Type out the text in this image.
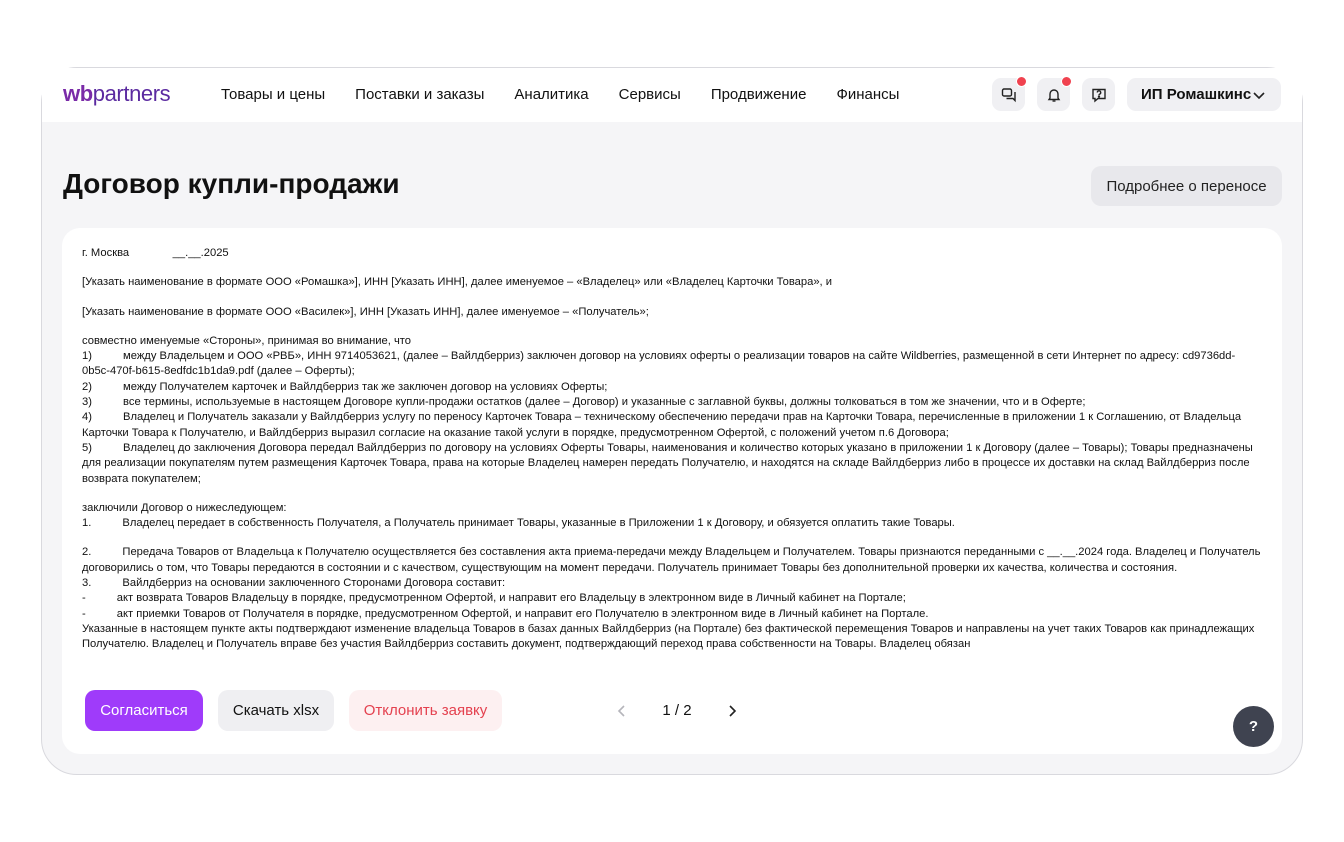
wbpartners	Товары и цены Поставки и заказы Аналитика Сервисы Продвижение Финансы	ИП Ромашкинс
Договор купли-продажи	Подробнее о переносе

г. Москва              __.__.2025

[Указать наименование в формате ООО «Ромашка»], ИНН [Указать ИНН], далее именуемое – «Владелец» или «Владелец Карточки Товара», и

[Указать наименование в формате ООО «Василек»], ИНН [Указать ИНН], далее именуемое – «Получатель»;

совместно именуемые «Стороны», принимая во внимание, что

1)          между Владельцем и ООО «РВБ», ИНН 9714053621, (далее – Вайлдберриз) заключен договор на условиях оферты о реализации товаров на сайте Wildberries, размещенной в сети Интернет по адресу: cd9736dd-0b5c-470f-b615-8edfdc1b1da9.pdf (далее – Оферты);

2)          между Получателем карточек и Вайлдберриз так же заключен договор на условиях Оферты;

3)          все термины, используемые в настоящем Договоре купли-продажи остатков (далее – Договор) и указанные с заглавной буквы, должны толковаться в том же значении, что и в Оферте;

4)          Владелец и Получатель заказали у Вайлдберриз услугу по переносу Карточек Товара – техническому обеспечению передачи прав на Карточки Товара, перечисленные в приложении 1 к Соглашению, от Владельца Карточки Товара к Получателю, и Вайлдберриз выразил согласие на оказание такой услуги в порядке, предусмотренном Офертой, с положений учетом п.6 Договора;

5)          Владелец до заключения Договора передал Вайлдберриз по договору на условиях Оферты Товары, наименования и количество которых указано в приложении 1 к Договору (далее – Товары); Товары предназначены для реализации покупателям путем размещения Карточек Товара, права на которые Владелец намерен передать Получателю, и находятся на складе Вайлдберриз либо в процессе их доставки на склад Вайлдберриз после возврата покупателем;

заключили Договор о нижеследующем:

1.          Владелец передает в собственность Получателя, а Получатель принимает Товары, указанные в Приложении 1 к Договору, и обязуется оплатить такие Товары.

2.          Передача Товаров от Владельца к Получателю осуществляется без составления акта приема-передачи между Владельцем и Получателем. Товары признаются переданными с __.__.2024 года. Владелец и Получатель договорились о том, что Товары передаются в состоянии и с качеством, существующим на момент передачи. Получатель принимает Товары без дополнительной проверки их качества, количества и состояния.

3.          Вайлдберриз на основании заключенного Сторонами Договора составит:

-          акт возврата Товаров Владельцу в порядке, предусмотренном Офертой, и направит его Владельцу в электронном виде в Личный кабинет на Портале;

-          акт приемки Товаров от Получателя в порядке, предусмотренном Офертой, и направит его Получателю в электронном виде в Личный кабинет на Портале.

Указанные в настоящем пункте акты подтверждают изменение владельца Товаров в базах данных Вайлдберриз (на Портале) без фактической перемещения Товаров и направлены на учет таких Товаров как принадлежащих Получателю. Владелец и Получатель вправе без участия Вайлдберриз составить документ, подтверждающий переход права собственности на Товары. Владелец обязан

Согласиться	Скачать xlsx	Отклонить заявку	1 / 2
?
